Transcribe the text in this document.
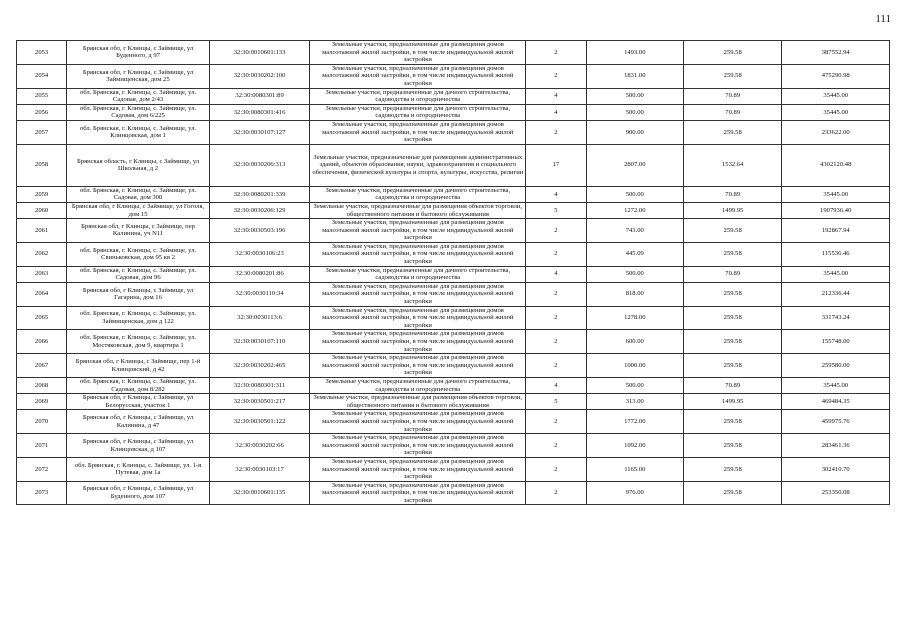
111
2053	Брянская обл, г Клинцы, с Займище, ул Буденного, д 97	32:30:0010601:133	Земельные участки, предназначенные для размещения домов малоэтажной жилой застройки, в том числе индивидуальной жилой застройки	2	1493.00	259.58	387552.94
2054	Брянская обл, г Клинцы, с Займище, ул Займищенская, дом 25	32:30:0030202:100	Земельные участки, предназначенные для размещения домов малоэтажной жилой застройки, в том числе индивидуальной жилой застройки	2	1831.00	259.58	475290.98
2055	обл. Брянская, г. Клинцы, с. Займище, ул. Садовая, дом 2/43	32:30:0080301:89	Земельные участки, предназначенные для дачного строительства, садоводства и огородничества	4	500.00	70.89	35445.00
2056	обл. Брянская, г. Клинцы, с. Займище, ул. Садовая, дом 6/225	32:30:0080301:416	Земельные участки, предназначенные для дачного строительства, садоводства и огородничества	4	500.00	70.89	35445.00
2057	обл. Брянская, г. Клинцы, с. Займище, ул. Клинцовская, дом 1	32:30:0030107:127	Земельные участки, предназначенные для размещения домов малоэтажной жилой застройки, в том числе индивидуальной жилой застройки	2	900.00	259.58	233622.00
2058	Брянская область, г Клинцы, с Займище, ул Школьная, д 2	32:30:0030206:313	Земельные участки, предназначенные для размещения административных зданий, объектов образования, науки, здравоохранения и социального обеспечения, физической культуры и спорта, культуры, искусства, религии	17	2807.00	1532.64	4302120.48
2059	обл. Брянская, г. Клинцы, с. Займище, ул. Садовая, дом 300	32:30:0080201:339	Земельные участки, предназначенные для дачного строительства, садоводства и огородничества	4	500.00	70.89	35445.00
2060	Брянская обл, г Клинцы, с Займище, ул Гоголя, дом 15	32:30:0030206:129	Земельные участки, предназначенные для размещения объектов торговли, общественного питания и бытового обслуживания	5	1272.00	1499.95	1907936.40
2061	Брянская обл, г Клинцы, с Займище, пер Калинина, уч N11	32:30:0030503:196	Земельные участки, предназначенные для размещения домов малоэтажной жилой застройки, в том числе индивидуальной жилой застройки	2	743.00	259.58	192867.94
2062	обл. Брянская, г. Клинцы, с. Займище, ул. Свиньковская, дом 95 кв 2	32:30:0030106:23	Земельные участки, предназначенные для размещения домов малоэтажной жилой застройки, в том числе индивидуальной жилой застройки	2	445.09	259.58	115536.46
2063	обл. Брянская, г. Клинцы, с. Займище, ул. Садовая, дом 96	32:30:0080201:86	Земельные участки, предназначенные для дачного строительства, садоводства и огородничества	4	500.00	70.89	35445.00
2064	Брянская обл, г Клинцы, с Займище, ул Гагарина, дом 16	32:30:0030110:34	Земельные участки, предназначенные для размещения домов малоэтажной жилой застройки, в том числе индивидуальной жилой застройки	2	818.00	259.58	212336.44
2065	обл. Брянская, г. Клинцы, с. Займище, ул. Займищенская, дом д 122	32:30:0030113:6	Земельные участки, предназначенные для размещения домов малоэтажной жилой застройки, в том числе индивидуальной жилой застройки	2	1278.00	259.58	331743.24
2066	обл. Брянская, г. Клинцы, с. Займище, ул. Мостяковская, дом 9, квартира 1	32:30:0030107:110	Земельные участки, предназначенные для размещения домов малоэтажной жилой застройки, в том числе индивидуальной жилой застройки	2	600.00	259.58	155748.00
2067	Брянская обл, г Клинцы, с Займище, пер 1-й Клинцовский, д 42	32:30:0030202:465	Земельные участки, предназначенные для размещения домов малоэтажной жилой застройки, в том числе индивидуальной жилой застройки	2	1000.00	259.58	259580.00
2068	обл. Брянская, г. Клинцы, с. Займище, ул. Садовая, дом 8/282	32:30:0080301:311	Земельные участки, предназначенные для дачного строительства, садоводства и огородничества	4	500.00	70.89	35445.00
2069	Брянская обл, г Клинцы, с Займище, ул Белорусская, участок 1	32:30:0030501:217	Земельные участки, предназначенные для размещения объектов торговли, общественного питания и бытового обслуживания	5	313.00	1499.95	469484.35
2070	Брянская обл, г Клинцы, с Займище, ул Калинина, д 47	32:30:0030501:122	Земельные участки, предназначенные для размещения домов малоэтажной жилой застройки, в том числе индивидуальной жилой застройки	2	1772.00	259.58	459975.76
2071	Брянская обл, г Клинцы, с Займище, ул Клинцовская, д 107	32:30:0030202:66	Земельные участки, предназначенные для размещения домов малоэтажной жилой застройки, в том числе индивидуальной жилой застройки	2	1092.00	259.58	283461.36
2072	обл. Брянская, г. Клинцы, с. Займище, ул. 1-я Путевая, дом 1а	32:30:0030103:17	Земельные участки, предназначенные для размещения домов малоэтажной жилой застройки, в том числе индивидуальной жилой застройки	2	1165.00	259.58	302410.70
2073	Брянская обл, г Клинцы, с Займище, ул Буденного, дом 107	32:30:0010601:135	Земельные участки, предназначенные для размещения домов малоэтажной жилой застройки, в том числе индивидуальной жилой застройки	2	976.00	259.58	253350.08
